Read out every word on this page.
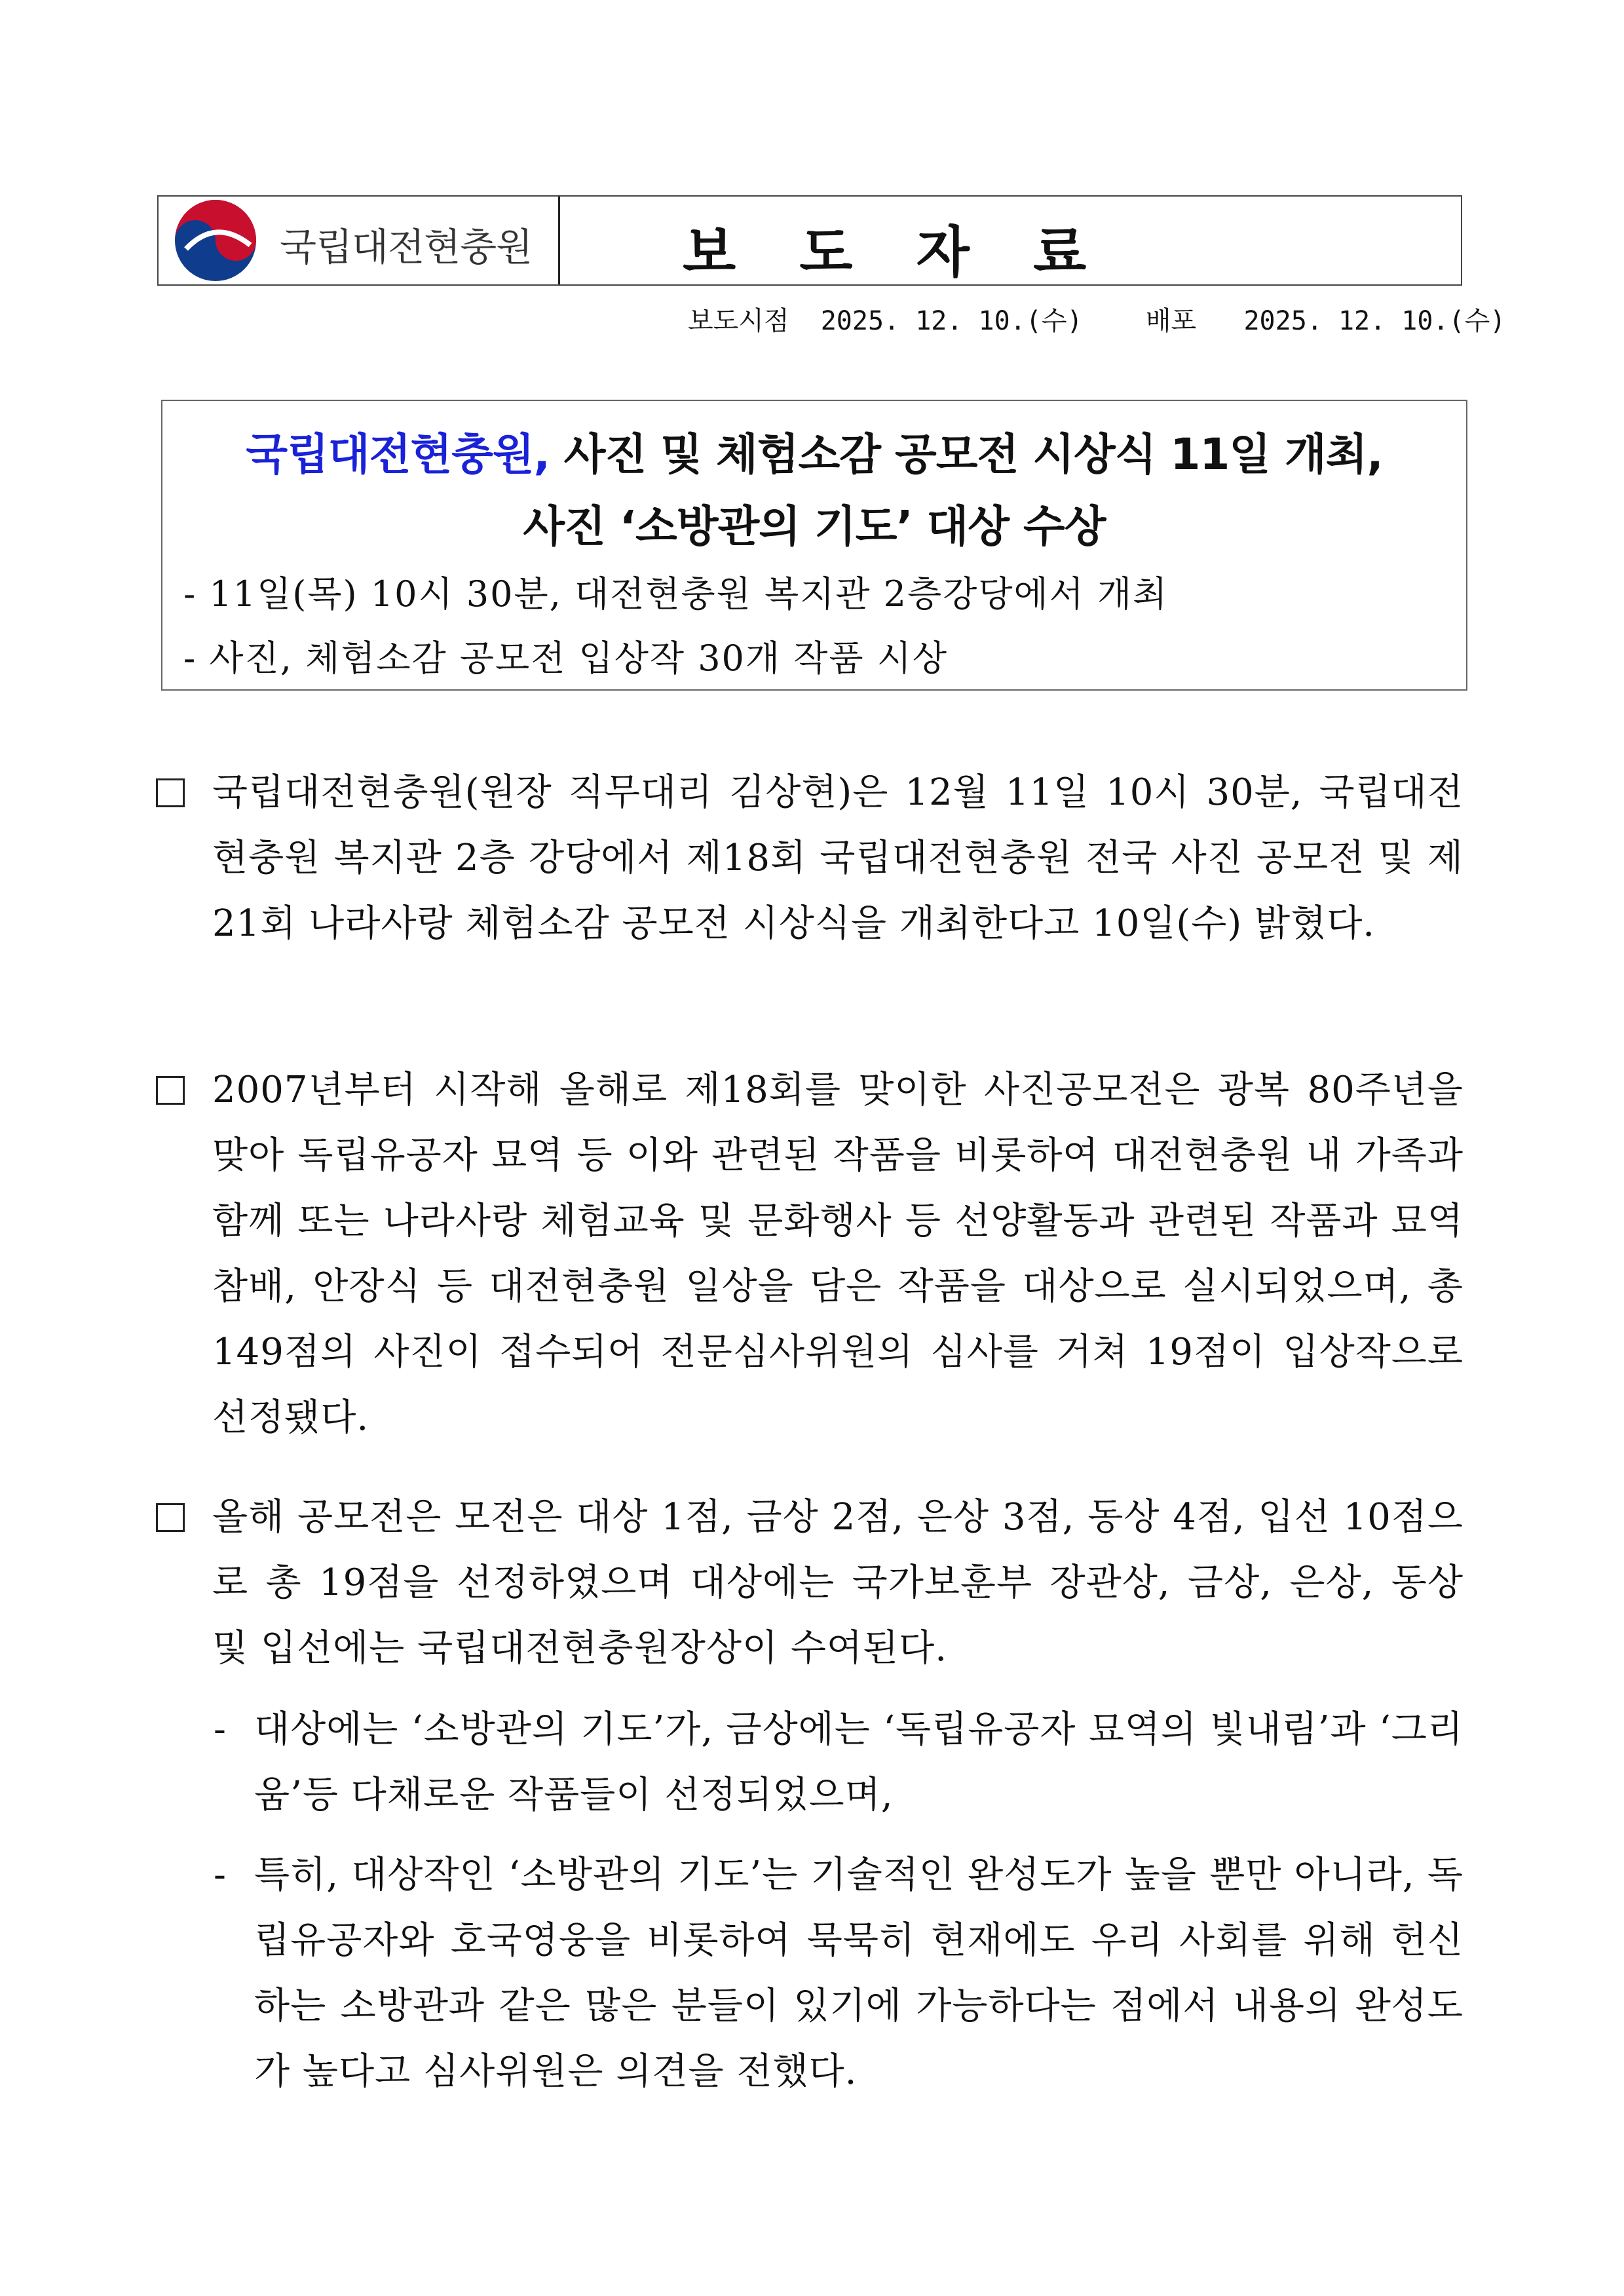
국립대전현충원	보 도 자 료
보도시점  2025. 12. 10.(수)    배포   2025. 12. 10.(수)
국립대전현충원, 사진 및 체험소감 공모전 시상식 11일 개최,
사진 ‘소방관의 기도’ 대상 수상
- 11일(목) 10시 30분, 대전현충원 복지관 2층강당에서 개최
- 사진, 체험소감 공모전 입상작 30개 작품 시상
국립대전현충원(원장 직무대리 김상현)은 12월 11일 10시 30분, 국립대전현충원 복지관 2층 강당에서 제18회 국립대전현충원 전국 사진 공모전 및 제21회 나라사랑 체험소감 공모전 시상식을 개최한다고 10일(수) 밝혔다.
2007년부터 시작해 올해로 제18회를 맞이한 사진공모전은 광복 80주년을 맞아 독립유공자 묘역 등 이와 관련된 작품을 비롯하여 대전현충원 내 가족과 함께 또는 나라사랑 체험교육 및 문화행사 등 선양활동과 관련된 작품과 묘역참배, 안장식 등 대전현충원 일상을 담은 작품을 대상으로 실시되었으며, 총 149점의 사진이 접수되어 전문심사위원의 심사를 거쳐 19점이 입상작으로 선정됐다.
올해 공모전은 모전은 대상 1점, 금상 2점, 은상 3점, 동상 4점, 입선 10점으로 총 19점을 선정하였으며 대상에는 국가보훈부 장관상, 금상, 은상, 동상 및 입선에는 국립대전현충원장상이 수여된다.
- 대상에는 ‘소방관의 기도’가, 금상에는 ‘독립유공자 묘역의 빛내림’과 ‘그리움’등 다채로운 작품들이 선정되었으며,
- 특히, 대상작인 ‘소방관의 기도’는 기술적인 완성도가 높을 뿐만 아니라, 독립유공자와 호국영웅을 비롯하여 묵묵히 현재에도 우리 사회를 위해 헌신하는 소방관과 같은 많은 분들이 있기에 가능하다는 점에서 내용의 완성도가 높다고 심사위원은 의견을 전했다.
